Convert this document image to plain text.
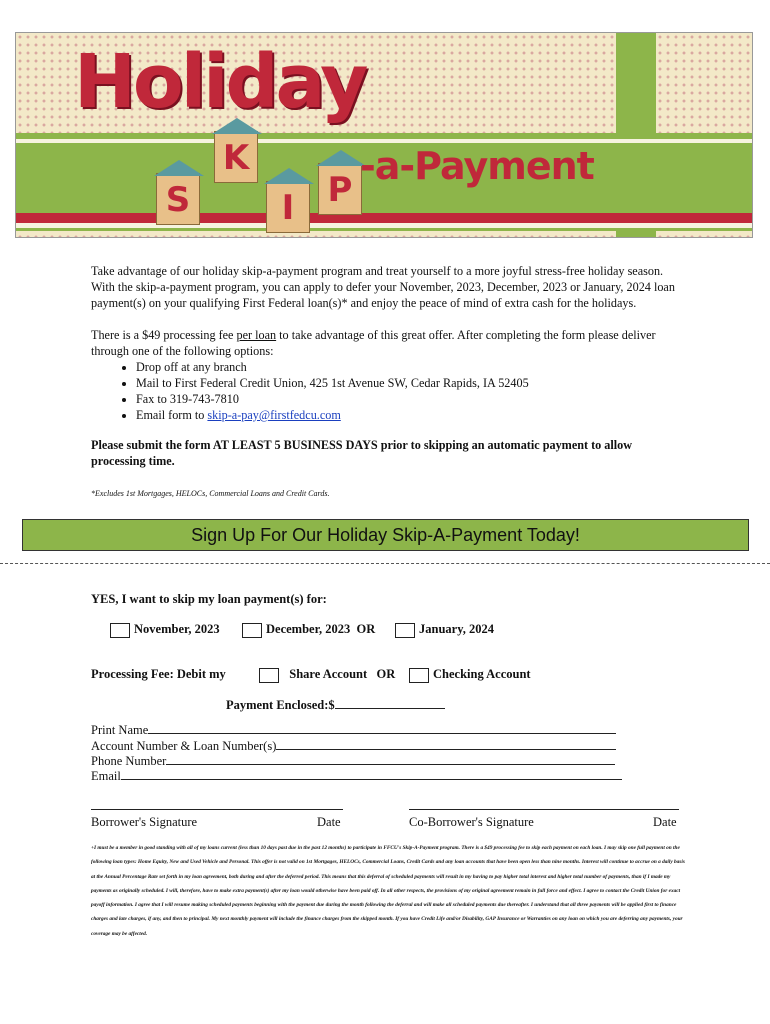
Holiday
S
K
I P
-a-Payment

Take advantage of our holiday skip-a-payment program and treat yourself to a more joyful stress-free holiday season. With the skip-a-payment program, you can apply to defer your November, 2023, December, 2023 or January, 2024 loan payment(s) on your qualifying First Federal loan(s)* and enjoy the peace of mind of extra cash for the holidays.

There is a $49 processing fee per loan to take advantage of this great offer. After completing the form please deliver through one of the following options:

• Drop off at any branch
• Mail to First Federal Credit Union, 425 1st Avenue SW, Cedar Rapids, IA 52405
• Fax to 319-743-7810
• Email form to skip-a-pay@firstfedcu.com

Please submit the form AT LEAST 5 BUSINESS DAYS prior to skipping an automatic payment to allow processing time.

*Excludes 1st Mortgages, HELOCs, Commercial Loans and Credit Cards.
Sign Up For Our Holiday Skip-A-Payment Today!
YES, I want to skip my loan payment(s) for:
November, 2023	December, 2023 OR	January, 2024
Processing Fee: Debit my	Share Account OR	Checking Account
Payment Enclosed:$
Print Name
Account Number & Loan Number(s)
Phone Number
Email
Borrower's Signature	Date	Co-Borrower's Signature	Date
+I must be a member in good standing with all of my loans current (less than 10 days past due in the past 12 months) to participate in FFCU's Skip-A-Payment program. There is a $49 processing fee to skip each payment on each loan. I may skip one full payment on the following loan types: Home Equity, New and Used Vehicle and Personal. This offer is not valid on 1st Mortgages, HELOCs, Commercial Loans, Credit Cards and any loan accounts that have been open less than nine months. Interest will continue to accrue on a daily basis at the Annual Percentage Rate set forth in my loan agreement, both during and after the deferred period. This means that this deferral of scheduled payments will result in my having to pay higher total interest and higher total number of payments, than if I made my payments as originally scheduled. I will, therefore, have to make extra payment(s) after my loan would otherwise have been paid off. In all other respects, the provisions of my original agreement remain in full force and effect. I agree to contact the Credit Union for exact payoff information. I agree that I will resume making scheduled payments beginning with the payment due during the month following the deferral and will make all scheduled payments due thereafter. I understand that all three payments will be applied first to finance charges and late charges, if any, and then to principal. My next monthly payment will include the finance charges from the skipped month. If you have Credit Life and/or Disability, GAP Insurance or Warranties on any loan on which you are deferring any payments, your coverage may be affected.
